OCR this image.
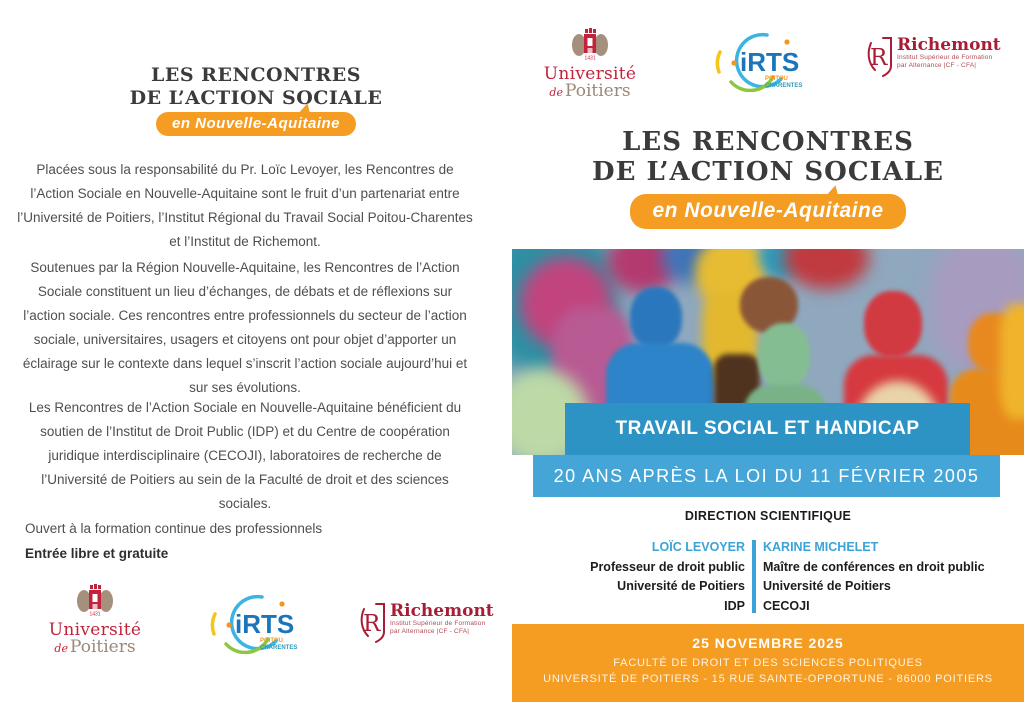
LES RENCONTRES
DE L’ACTION SOCIALE
en Nouvelle-Aquitaine

Placées sous la responsabilité du Pr. Loïc Levoyer, les Rencontres de l’Action Sociale en Nouvelle-Aquitaine sont le fruit d’un partenariat entre l’Université de Poitiers, l’Institut Régional du Travail Social Poitou-Charentes et l’Institut de Richemont.

Soutenues par la Région Nouvelle-Aquitaine, les Rencontres de l’Action Sociale constituent un lieu d’échanges, de débats et de réflexions sur l’action sociale. Ces rencontres entre professionnels du secteur de l’action sociale, universitaires, usagers et citoyens ont pour objet d’apporter un éclairage sur le contexte dans lequel s’inscrit l’action sociale aujourd’hui et sur ses évolutions.

Les Rencontres de l’Action Sociale en Nouvelle-Aquitaine bénéficient du soutien de l’Institut de Droit Public (IDP) et du Centre de coopération juridique interdisciplinaire (CECOJI), laboratoires de recherche de l’Université de Poitiers au sein de la Faculté de droit et des sciences sociales.

Ouvert à la formation continue des professionnels
Entrée libre et gratuite
1431
Université
de Poitiers
iRTS
POITOU
CHARENTES
R Richemont
Institut Supérieur de Formation
par Alternance |CF - CFA|
1431
Université
de Poitiers
iRTS
POITOU
CHARENTES
R Richemont
Institut Supérieur de Formation
par Alternance |CF - CFA|
LES RENCONTRES
DE L’ACTION SOCIALE
en Nouvelle-Aquitaine
TRAVAIL SOCIAL ET HANDICAP
20 ANS APRÈS LA LOI DU 11 FÉVRIER 2005
DIRECTION SCIENTIFIQUE
LOÏC LEVOYER
Professeur de droit public
Université de Poitiers
IDP
KARINE MICHELET
Maître de conférences en droit public
Université de Poitiers
CECOJI
25 NOVEMBRE 2025
FACULTÉ DE DROIT ET DES SCIENCES POLITIQUES
UNIVERSITÉ DE POITIERS - 15 RUE SAINTE-OPPORTUNE - 86000 POITIERS
